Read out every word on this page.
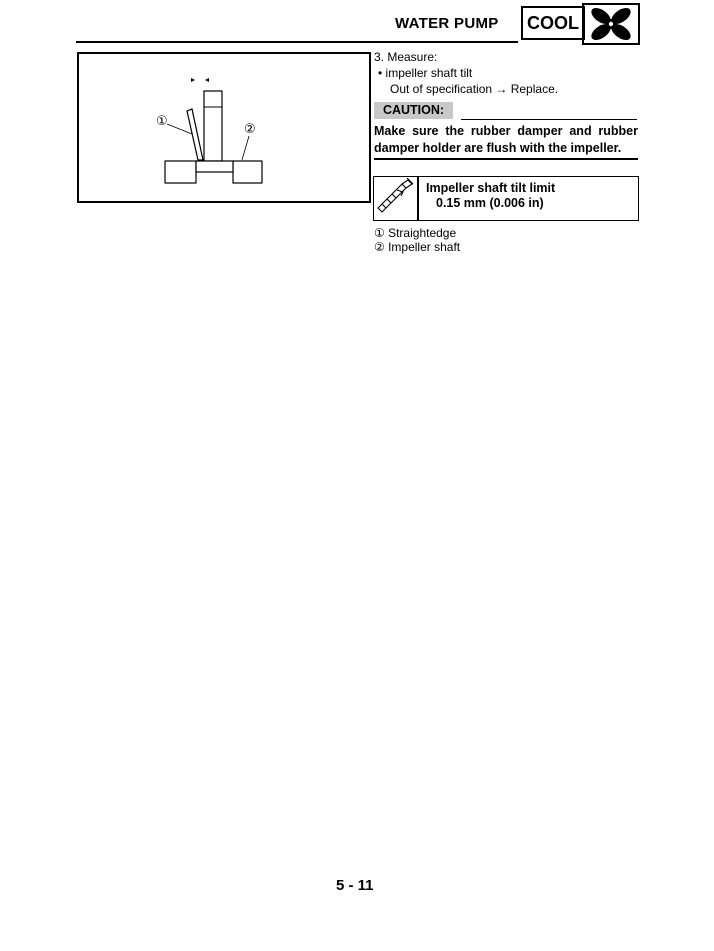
WATER PUMP	COOL
①
②
3. Measure:
• impeller shaft tilt
Out of specification → Replace.
CAUTION:
Make sure the rubber damper and rubber damper holder are flush with the impeller.
Impeller shaft tilt limit
0.15 mm (0.006 in)
① Straightedge
② Impeller shaft
5 - 11
